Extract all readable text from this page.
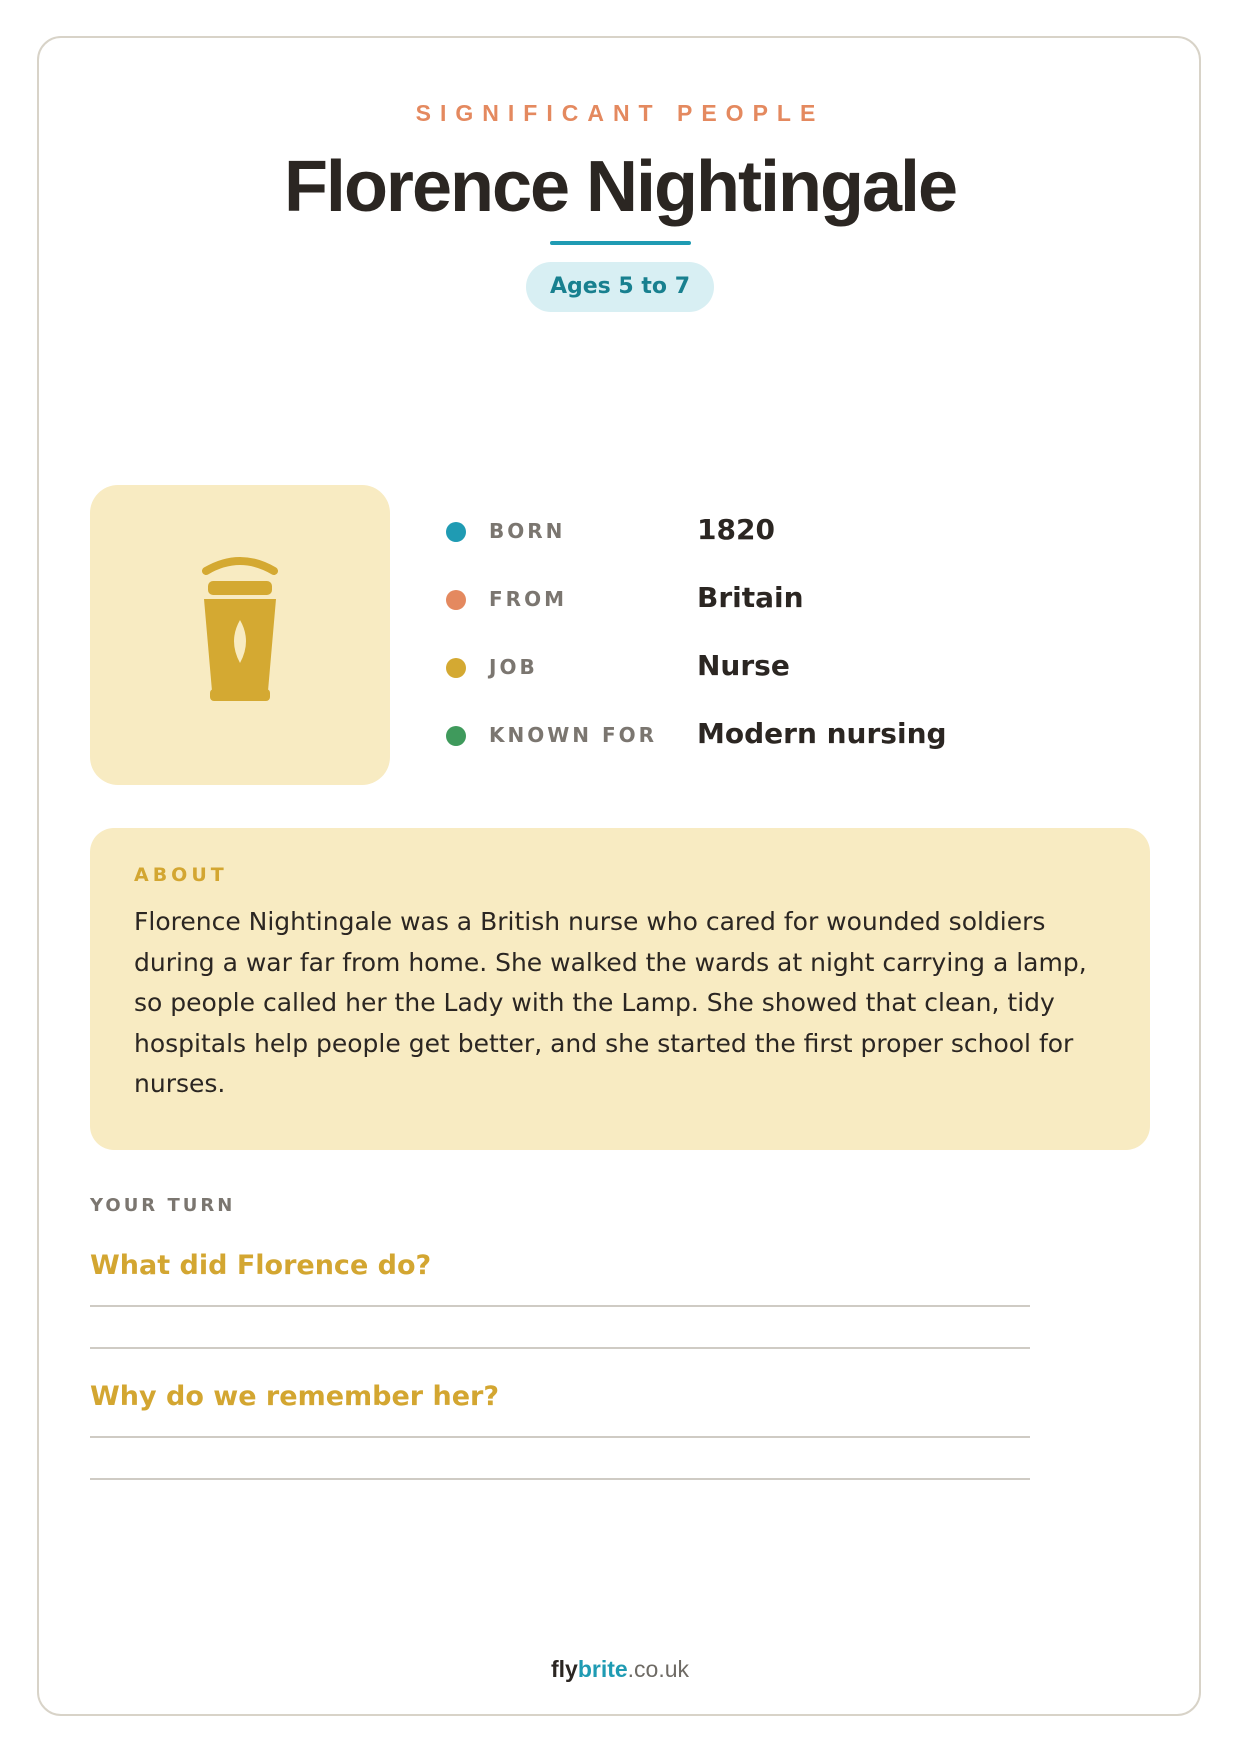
SIGNIFICANT PEOPLE
Florence Nightingale
Ages 5 to 7
BORN	1820
FROM	Britain
JOB	Nurse
KNOWN FOR Modern nursing
ABOUT
Florence Nightingale was a British nurse who cared for wounded soldiers during a war far from home. She walked the wards at night carrying a lamp, so people called her the Lady with the Lamp. She showed that clean, tidy hospitals help people get better, and she started the first proper school for nurses.
YOUR TURN
What did Florence do?
Why do we remember her?
flybrite.co.uk
